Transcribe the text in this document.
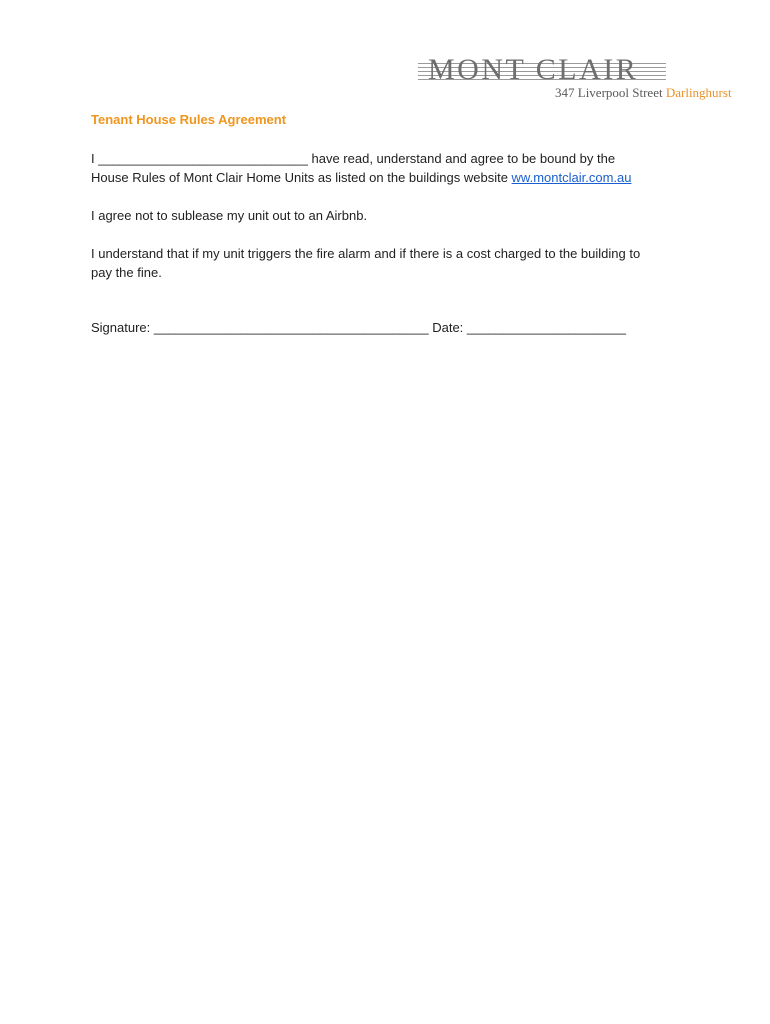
MONT CLAIR
347 Liverpool Street Darlinghurst
Tenant House Rules Agreement
I _____________________________ have read, understand and agree to be bound by the
House Rules of Mont Clair Home Units as listed on the buildings website ww.montclair.com.au
I agree not to sublease my unit out to an Airbnb.
I understand that if my unit triggers the fire alarm and if there is a cost charged to the building to
pay the fine.
Signature: ______________________________________ Date: ______________________
